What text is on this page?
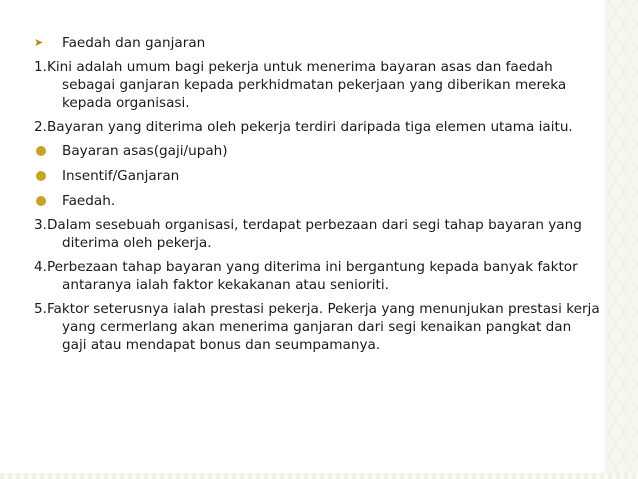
➤	Faedah dan ganjaran

1.Kini adalah umum bagi pekerja untuk menerima bayaran asas dan faedah sebagai ganjaran kepada perkhidmatan pekerjaan yang diberikan mereka kepada organisasi.

2.Bayaran yang diterima oleh pekerja terdiri daripada tiga elemen utama iaitu.

Bayaran asas(gaji/upah)
Insentif/Ganjaran
Faedah.

3.Dalam sesebuah organisasi, terdapat perbezaan dari segi tahap bayaran yang diterima oleh pekerja.

4.Perbezaan tahap bayaran yang diterima ini bergantung kepada banyak faktor antaranya ialah faktor kekakanan atau senioriti.

5.Faktor seterusnya ialah prestasi pekerja. Pekerja yang menunjukan prestasi kerja yang cermerlang akan menerima ganjaran dari segi kenaikan pangkat dan gaji atau mendapat bonus dan seumpamanya.
